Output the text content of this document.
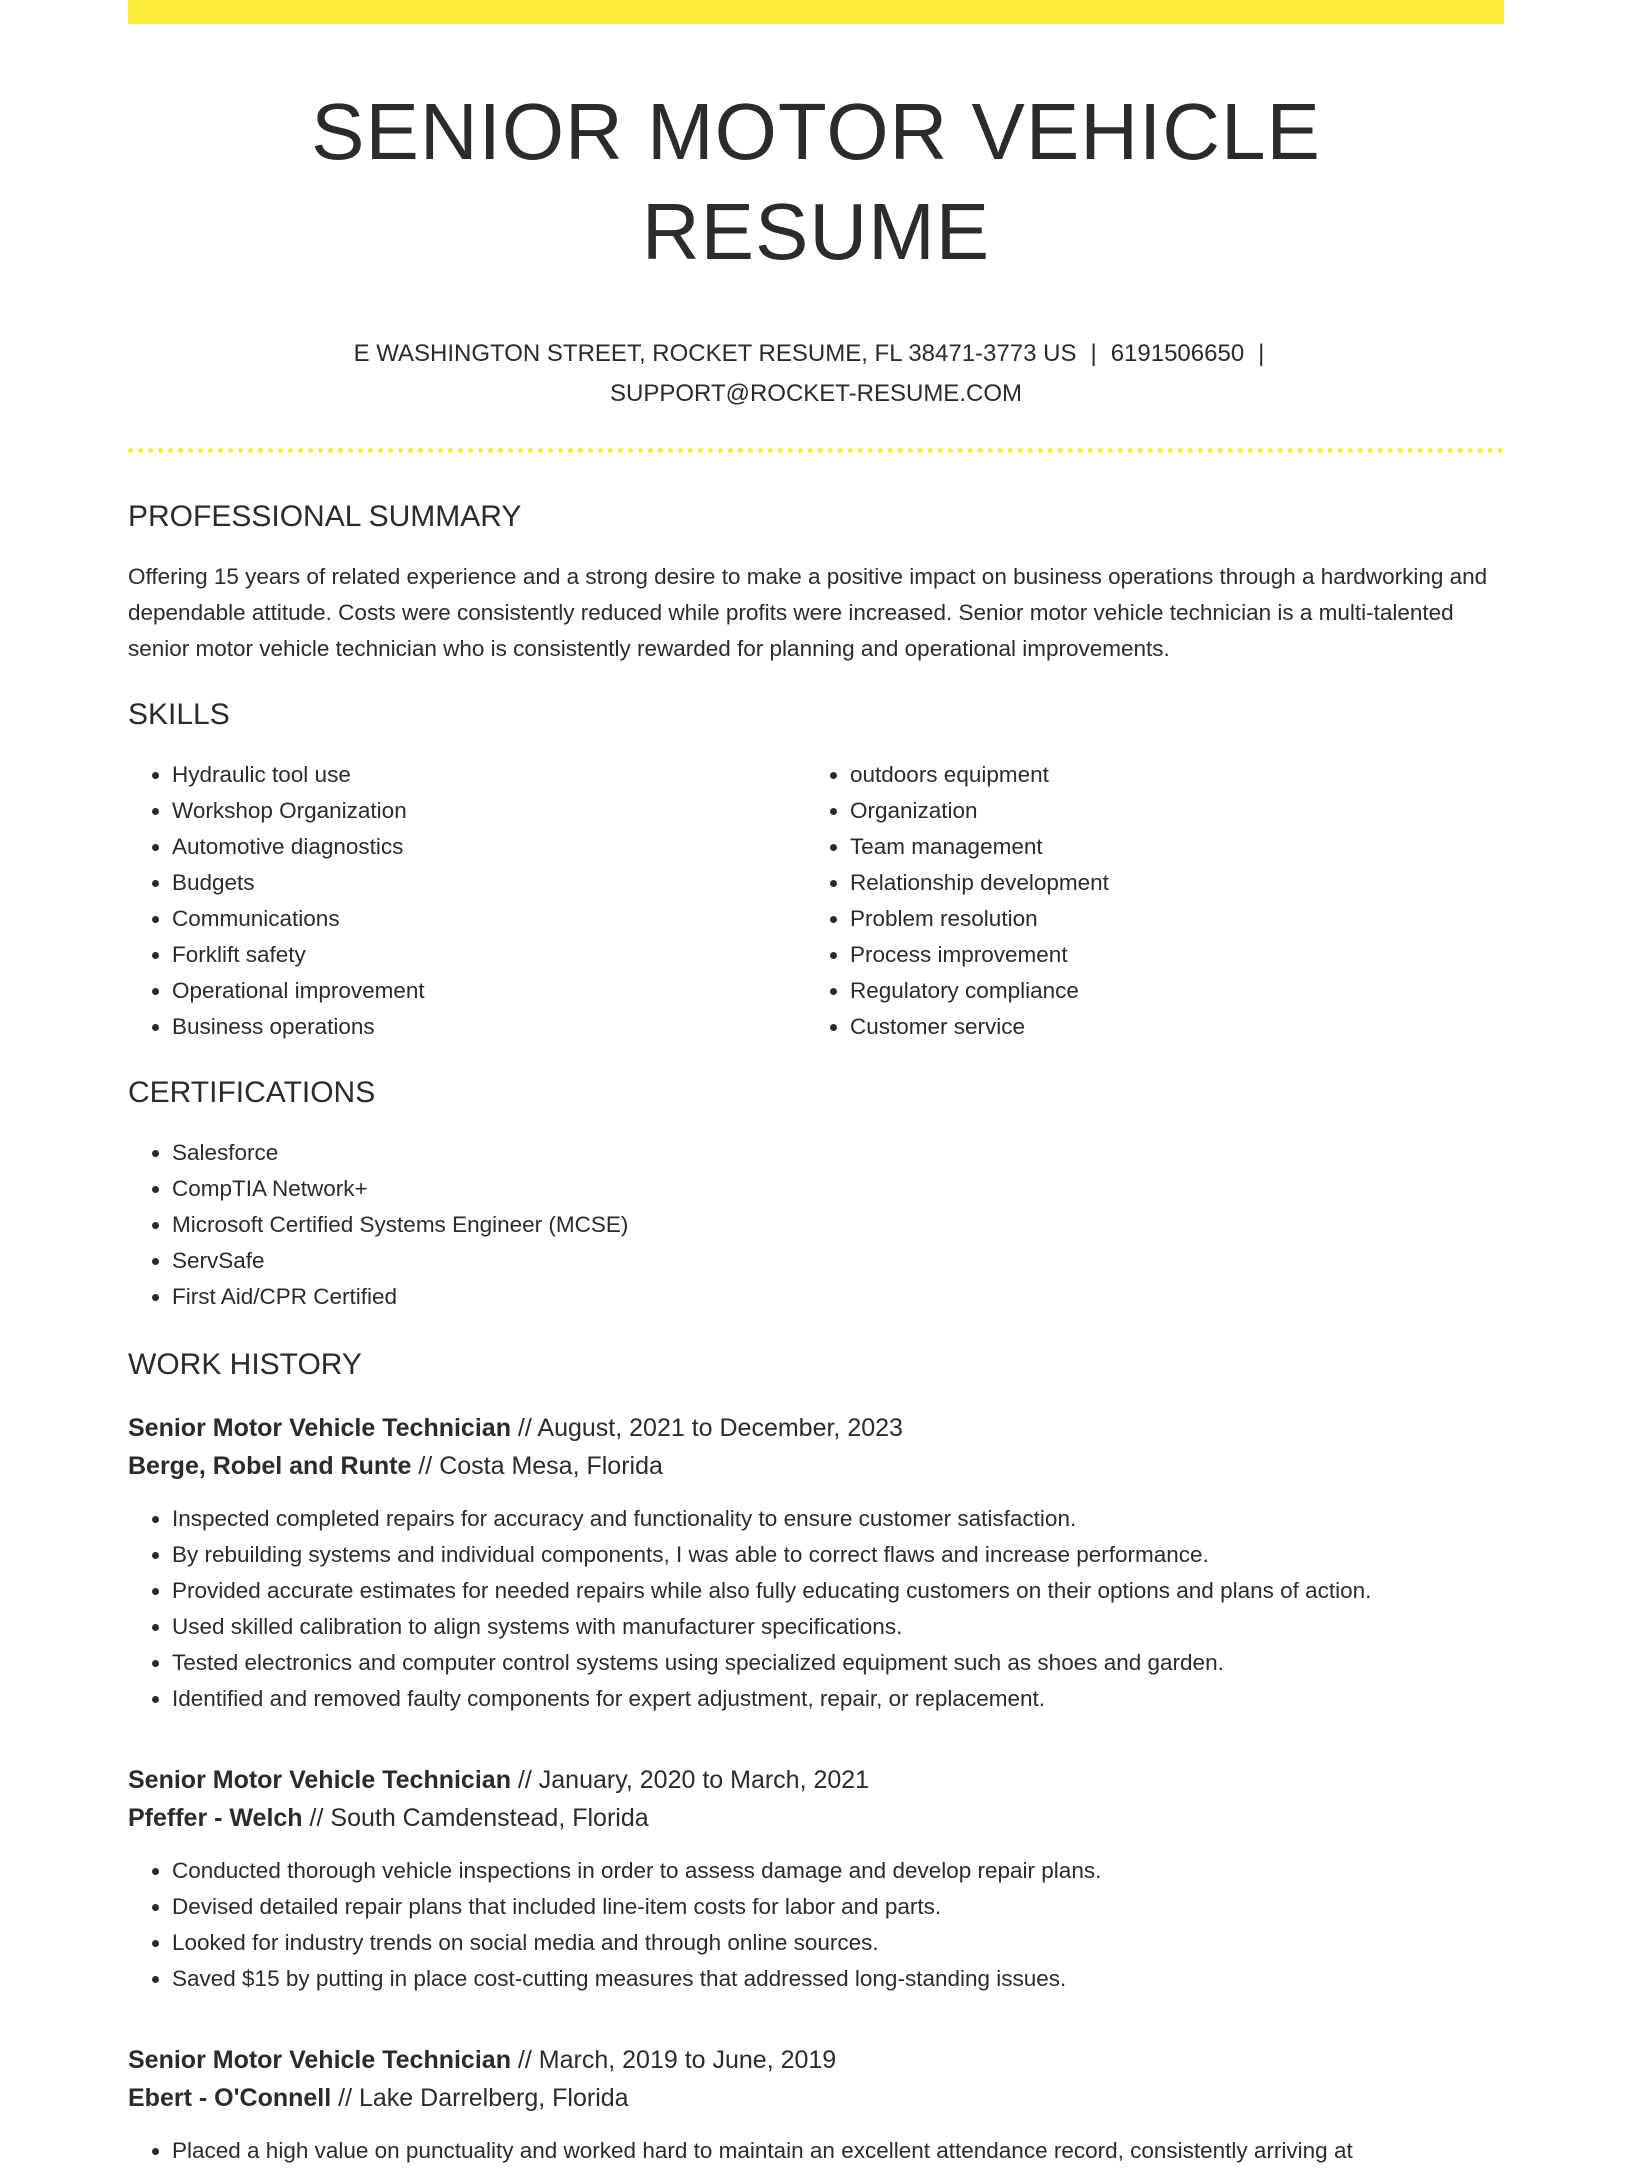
SENIOR MOTOR VEHICLE RESUME
E WASHINGTON STREET, ROCKET RESUME, FL 38471-3773 US | 6191506650 |
SUPPORT@ROCKET-RESUME.COM
PROFESSIONAL SUMMARY

Offering 15 years of related experience and a strong desire to make a positive impact on business operations through a hardworking and dependable attitude. Costs were consistently reduced while profits were increased. Senior motor vehicle technician is a multi-talented senior motor vehicle technician who is consistently rewarded for planning and operational improvements.

SKILLS
• Hydraulic tool use
• Workshop Organization
• Automotive diagnostics
• Budgets
• Communications
• Forklift safety
• Operational improvement
• Business operations
• outdoors equipment
• Organization
• Team management
• Relationship development
• Problem resolution
• Process improvement
• Regulatory compliance
• Customer service
CERTIFICATIONS
• Salesforce
• CompTIA Network+
• Microsoft Certified Systems Engineer (MCSE)
• ServSafe
• First Aid/CPR Certified
WORK HISTORY
Senior Motor Vehicle Technician // August, 2021 to December, 2023
Berge, Robel and Runte // Costa Mesa, Florida
• Inspected completed repairs for accuracy and functionality to ensure customer satisfaction.
• By rebuilding systems and individual components, I was able to correct flaws and increase performance.
• Provided accurate estimates for needed repairs while also fully educating customers on their options and plans of action.
• Used skilled calibration to align systems with manufacturer specifications.
• Tested electronics and computer control systems using specialized equipment such as shoes and garden.
• Identified and removed faulty components for expert adjustment, repair, or replacement.
Senior Motor Vehicle Technician // January, 2020 to March, 2021
Pfeffer - Welch // South Camdenstead, Florida
• Conducted thorough vehicle inspections in order to assess damage and develop repair plans.
• Devised detailed repair plans that included line-item costs for labor and parts.
• Looked for industry trends on social media and through online sources.
• Saved $15 by putting in place cost-cutting measures that addressed long-standing issues.
Senior Motor Vehicle Technician // March, 2019 to June, 2019
Ebert - O'Connell // Lake Darrelberg, Florida
• Placed a high value on punctuality and worked hard to maintain an excellent attendance record, consistently arriving at
